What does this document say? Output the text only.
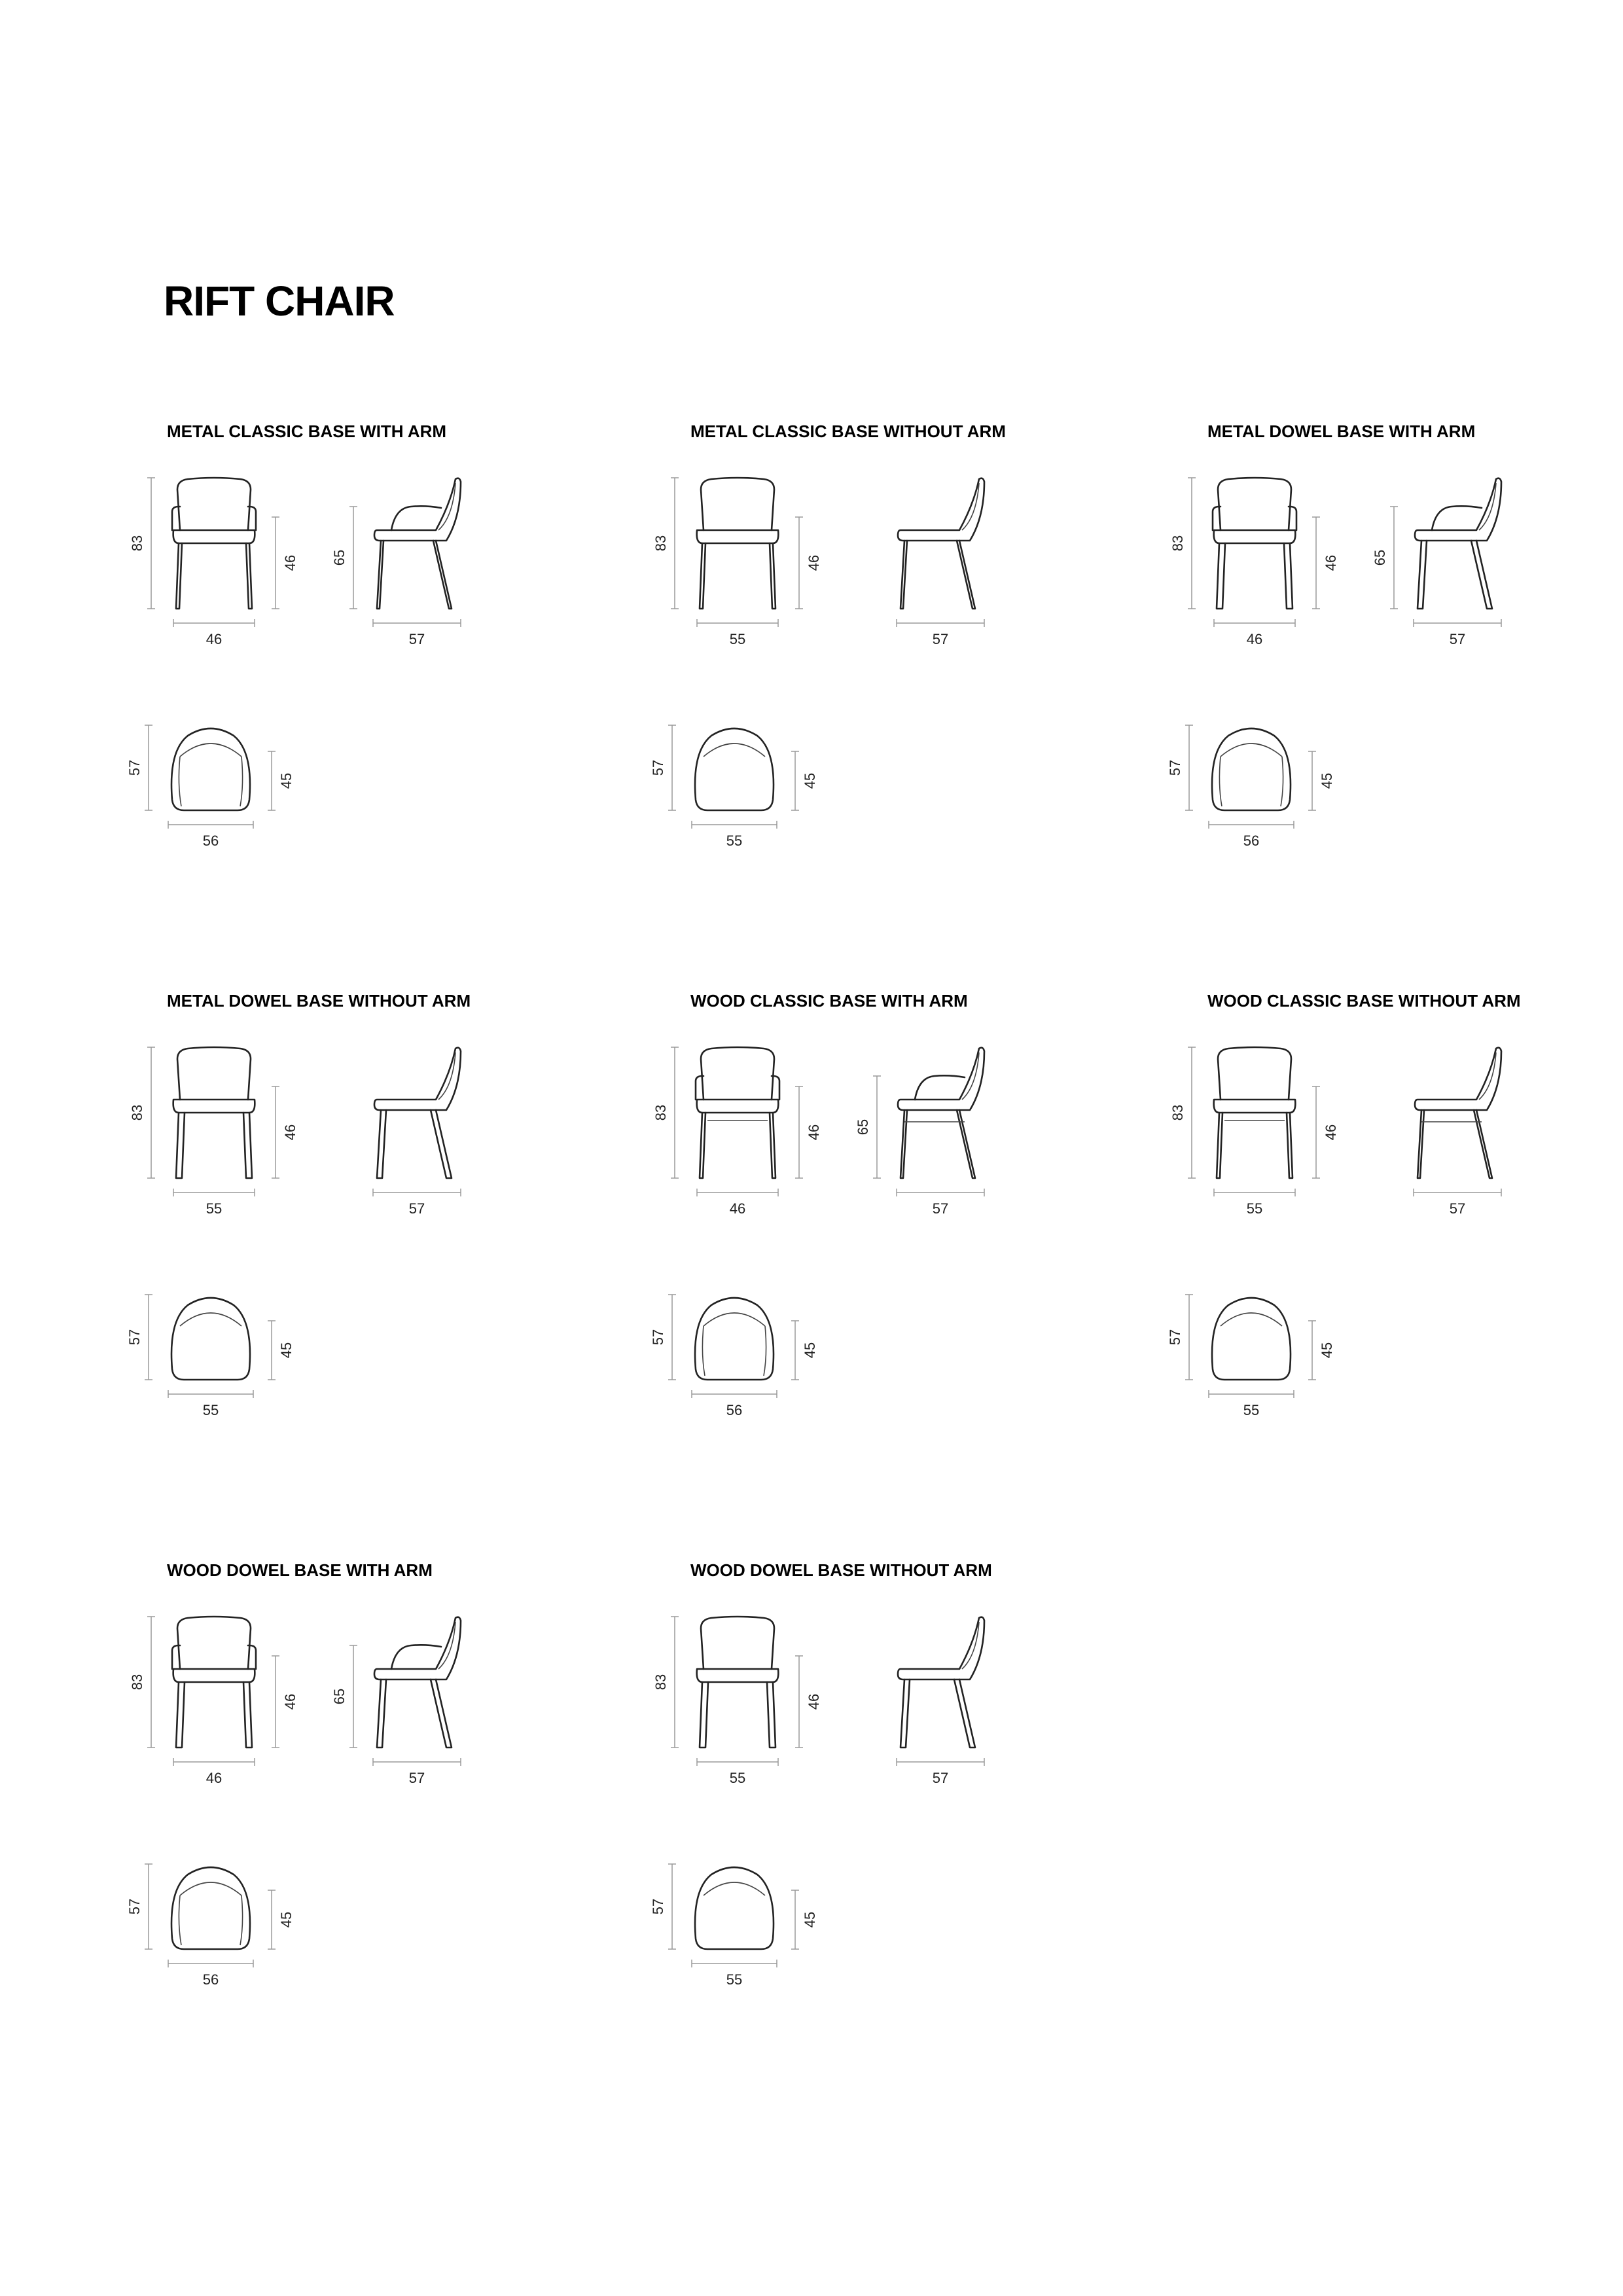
RIFT CHAIR
METAL CLASSIC BASE WITH ARM
83
46
46
65
57
57
45
56
METAL CLASSIC BASE WITHOUT ARM
83
46
55	57
57
45
55
METAL DOWEL BASE WITH ARM
83
46
46
65
57
57
45
56
METAL DOWEL BASE WITHOUT ARM
83
46
55	57
57
45
55
WOOD CLASSIC BASE WITH ARM
83
46
46
65
57
57
45
56
WOOD CLASSIC BASE WITHOUT ARM
83
46
55	57
57
45
55
WOOD DOWEL BASE WITH ARM
83
46
46
65
57
57
45
56
WOOD DOWEL BASE WITHOUT ARM
83
46
55	57
57
45
55
